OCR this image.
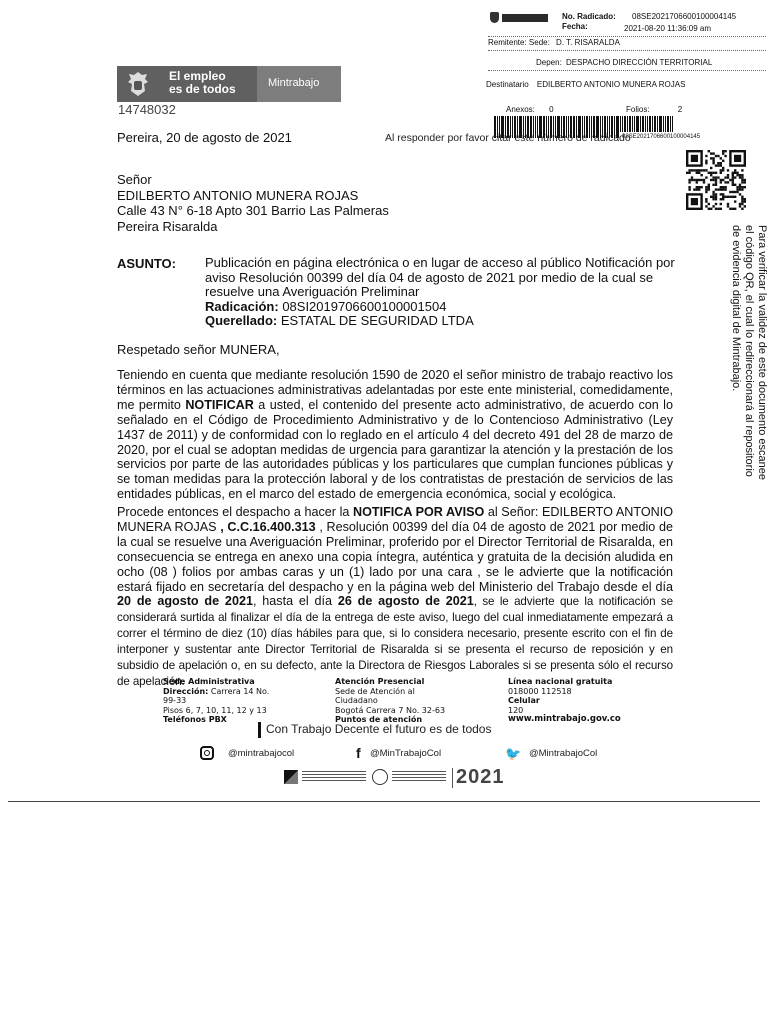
No. Radicado: 08SE2021706600100004145
Fecha:	2021-08-20 11:36:09 am
Remitente: Sede: D. T. RISARALDA
Depen: DESPACHO DIRECCIÓN TERRITORIAL
Destinatario EDILBERTO ANTONIO MUNERA ROJAS
Anexos: 0	Folios:	2
08SE2021706600100004145
El empleo
es de todos	Mintrabajo
14748032
Pereira, 20 de agosto de 2021	Al responder por favor citar este número de radicado
Para verificar la validez de este documento escanee
el código QR, el cual lo redireccionará al repositorio
de evidencia digital de Mintrabajo.
Señor
EDILBERTO ANTONIO MUNERA ROJAS
Calle 43 N° 6-18 Apto 301 Barrio Las Palmeras
Pereira Risaralda
ASUNTO: Publicación en página electrónica o en lugar de acceso al público Notificación por
aviso Resolución 00399 del día 04 de agosto de 2021 por medio de la cual se
resuelve una Averiguación Preliminar
Radicación: 08SI2019706600100001504
Querellado: ESTATAL DE SEGURIDAD LTDA
Respetado señor MUNERA,
Teniendo en cuenta que mediante resolución 1590 de 2020 el señor ministro de trabajo reactivo los términos en las actuaciones administrativas adelantadas por este ente ministerial, comedidamente, me permito NOTIFICAR a usted, el contenido del presente acto administrativo, de acuerdo con lo señalado en el Código de Procedimiento Administrativo y de lo Contencioso Administrativo (Ley 1437 de 2011) y de conformidad con lo reglado en el artículo 4 del decreto 491 del 28 de marzo de 2020, por el cual se adoptan medidas de urgencia para garantizar la atención y la prestación de los servicios por parte de las autoridades públicas y los particulares que cumplan funciones públicas y se toman medidas para la protección laboral y de los contratistas de prestación de servicios de las entidades públicas, en el marco del estado de emergencia económica, social y ecológica.
Procede entonces el despacho a hacer la NOTIFICA POR AVISO al Señor: EDILBERTO ANTONIO MUNERA ROJAS , C.C.16.400.313 , Resolución 00399 del día 04 de agosto de 2021 por medio de la cual se resuelve una Averiguación Preliminar, proferido por el Director Territorial de Risaralda, en consecuencia se entrega en anexo una copia íntegra, auténtica y gratuita de la decisión aludida en ocho (08 ) folios por ambas caras y un (1) lado por una cara , se le advierte que la notificación estará fijado en secretaría del despacho y en la página web del Ministerio del Trabajo desde el día 20 de agosto de 2021, hasta el día 26 de agosto de 2021, se le advierte que la notificación se considerará surtida al finalizar el día de la entrega de este aviso, luego del cual inmediatamente empezará a correr el término de diez (10) días hábiles para que, si lo considera necesario, presente escrito con el fin de interponer y sustentar ante Director Territorial de Risaralda si se presenta el recurso de reposición y en subsidio de apelación o, en su defecto, ante la Directora de Riesgos Laborales si se presenta sólo el recurso de apelación.
Sede Administrativa
Dirección: Carrera 14 No.
99-33
Pisos 6, 7, 10, 11, 12 y 13
Teléfonos PBX
Atención Presencial
Sede de Atención al
Ciudadano
Bogotá Carrera 7 No. 32-63
Puntos de atención
Línea nacional gratuita
018000 112518
Celular
120
www.mintrabajo.gov.co
Con Trabajo Decente el futuro es de todos
@mintrabajocol	f @MinTrabajoCol	🐦 @MintrabajoCol
2021
